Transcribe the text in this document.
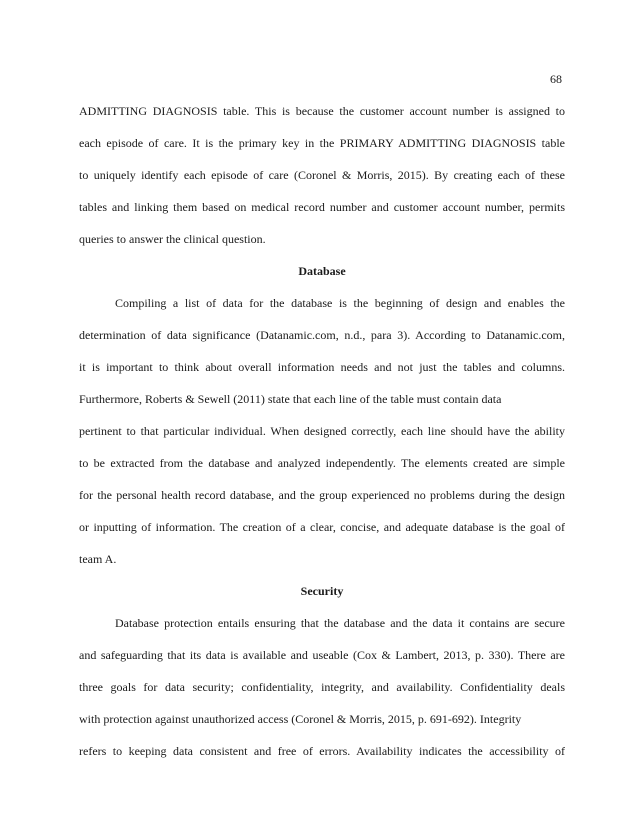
68
ADMITTING DIAGNOSIS table. This is because the customer account number is assigned to
each episode of care. It is the primary key in the PRIMARY ADMITTING DIAGNOSIS table
to uniquely identify each episode of care (Coronel & Morris, 2015). By creating each of these
tables and linking them based on medical record number and customer account number, permits
queries to answer the clinical question.
Database
Compiling a list of data for the database is the beginning of design and enables the
determination of data significance (Datanamic.com, n.d., para 3). According to Datanamic.com,
it is important to think about overall information needs and not just the tables and columns.
Furthermore, Roberts & Sewell (2011) state that each line of the table must contain data
pertinent to that particular individual. When designed correctly, each line should have the ability
to be extracted from the database and analyzed independently. The elements created are simple
for the personal health record database, and the group experienced no problems during the design
or inputting of information. The creation of a clear, concise, and adequate database is the goal of
team A.
Security
Database protection entails ensuring that the database and the data it contains are secure
and safeguarding that its data is available and useable (Cox & Lambert, 2013, p. 330). There are
three goals for data security; confidentiality, integrity, and availability. Confidentiality deals
with protection against unauthorized access (Coronel & Morris, 2015, p. 691-692). Integrity
refers to keeping data consistent and free of errors. Availability indicates the accessibility of
